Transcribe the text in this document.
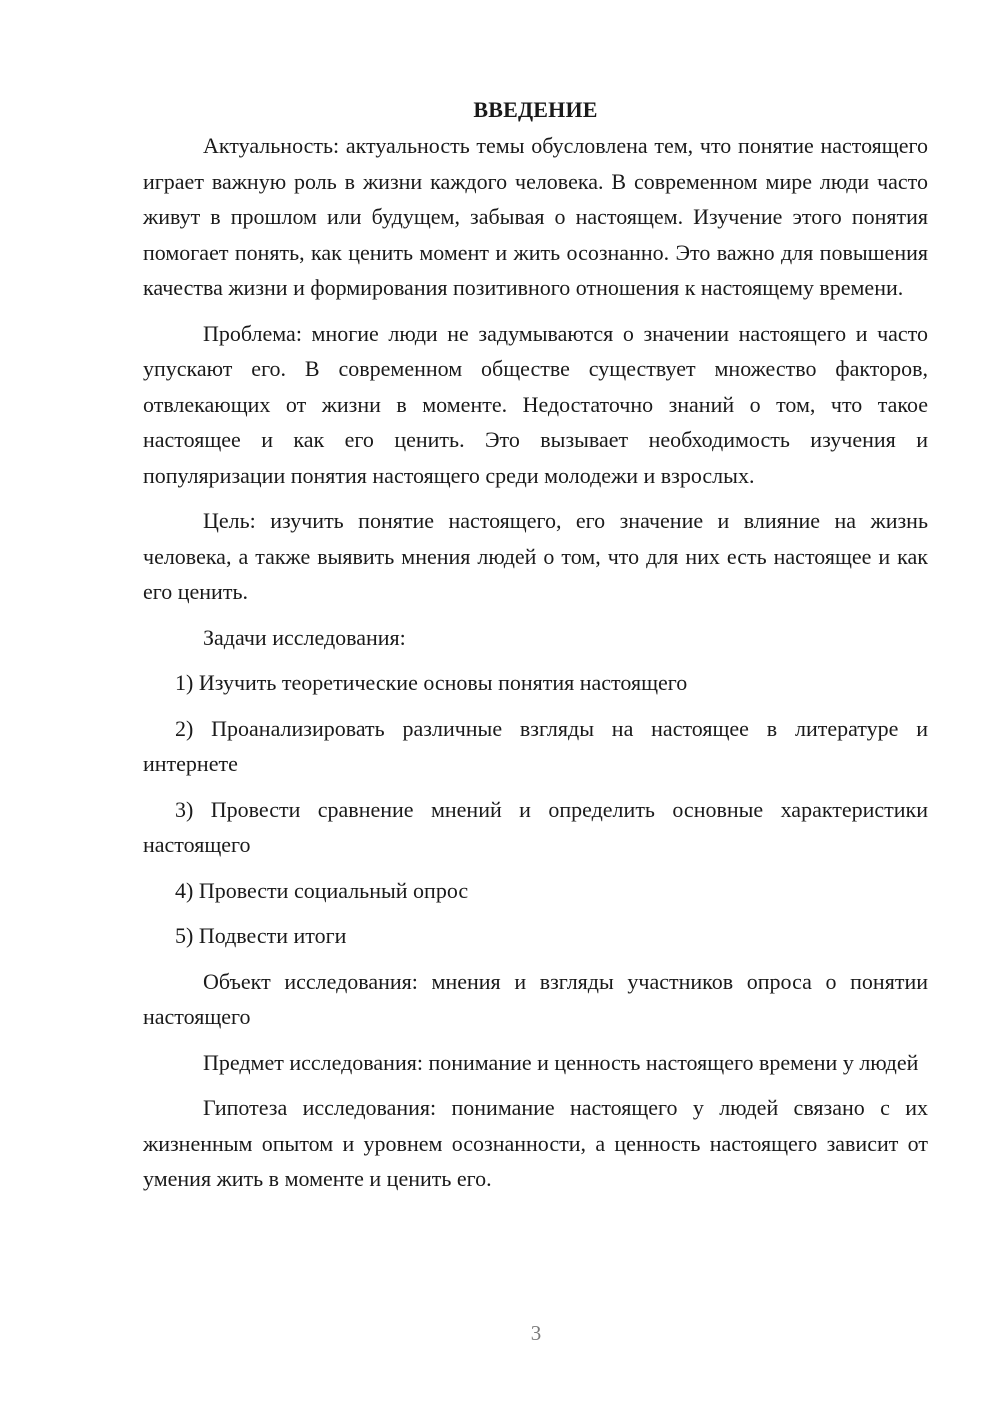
ВВЕДЕНИЕ

Актуальность: актуальность темы обусловлена тем, что понятие настоящего играет важную роль в жизни каждого человека. В современном мире люди часто живут в прошлом или будущем, забывая о настоящем. Изучение этого понятия помогает понять, как ценить момент и жить осознанно. Это важно для повышения качества жизни и формирования позитивного отношения к настоящему времени.

Проблема: многие люди не задумываются о значении настоящего и часто упускают его. В современном обществе существует множество факторов, отвлекающих от жизни в моменте. Недостаточно знаний о том, что такое настоящее и как его ценить. Это вызывает необходимость изучения и популяризации понятия настоящего среди молодежи и взрослых.

Цель: изучить понятие настоящего, его значение и влияние на жизнь человека, а также выявить мнения людей о том, что для них есть настоящее и как его ценить.

Задачи исследования:

1) Изучить теоретические основы понятия настоящего

2) Проанализировать различные взгляды на настоящее в литературе и интернете

3) Провести сравнение мнений и определить основные характеристики настоящего

4) Провести социальный опрос

5) Подвести итоги

Объект исследования: мнения и взгляды участников опроса о понятии настоящего

Предмет исследования: понимание и ценность настоящего времени у людей

Гипотеза исследования: понимание настоящего у людей связано с их жизненным опытом и уровнем осознанности, а ценность настоящего зависит от умения жить в моменте и ценить его.

3
